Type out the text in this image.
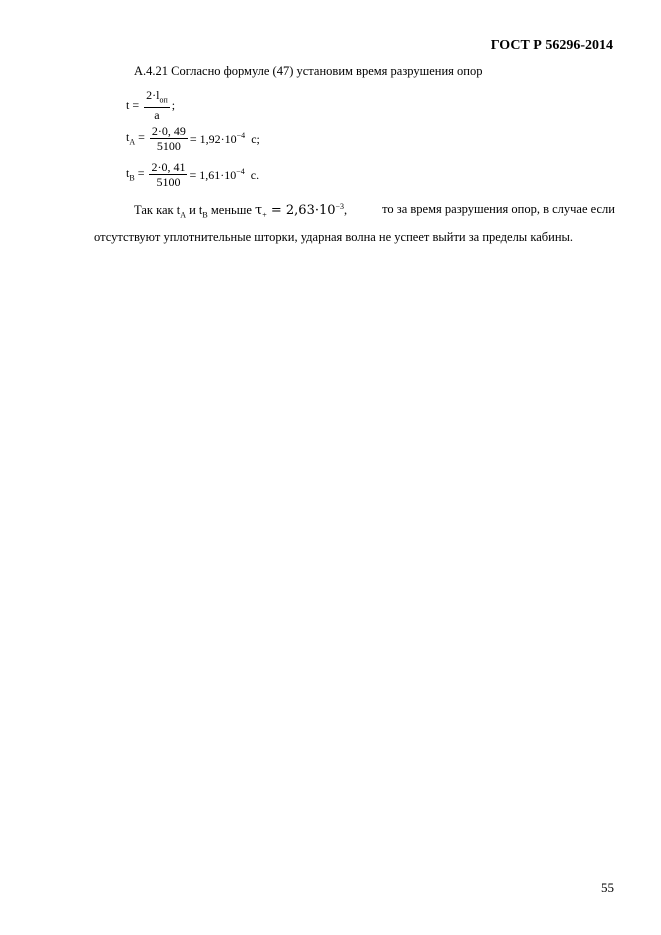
ГОСТ Р 56296-2014
А.4.21 Согласно формуле (47) установим время разрушения опор
$t = \frac{2\cdot l_{оп}}{a}$ ;
$t_A = \frac{2\cdot 0, 49}{5100} = 1,92\cdot 10^{-4}$ с;
$t_B = \frac{2\cdot 0, 41}{5100} = 1,61\cdot 10^{-4}$ с.
Так как $t_A$ и $t_B$ меньше $\tau_+ = 2,63\cdot 10^{-3}$,	то за время разрушения опор, в случае если
отсутствуют уплотнительные шторки, ударная волна не успеет выйти за пределы кабины.
55
